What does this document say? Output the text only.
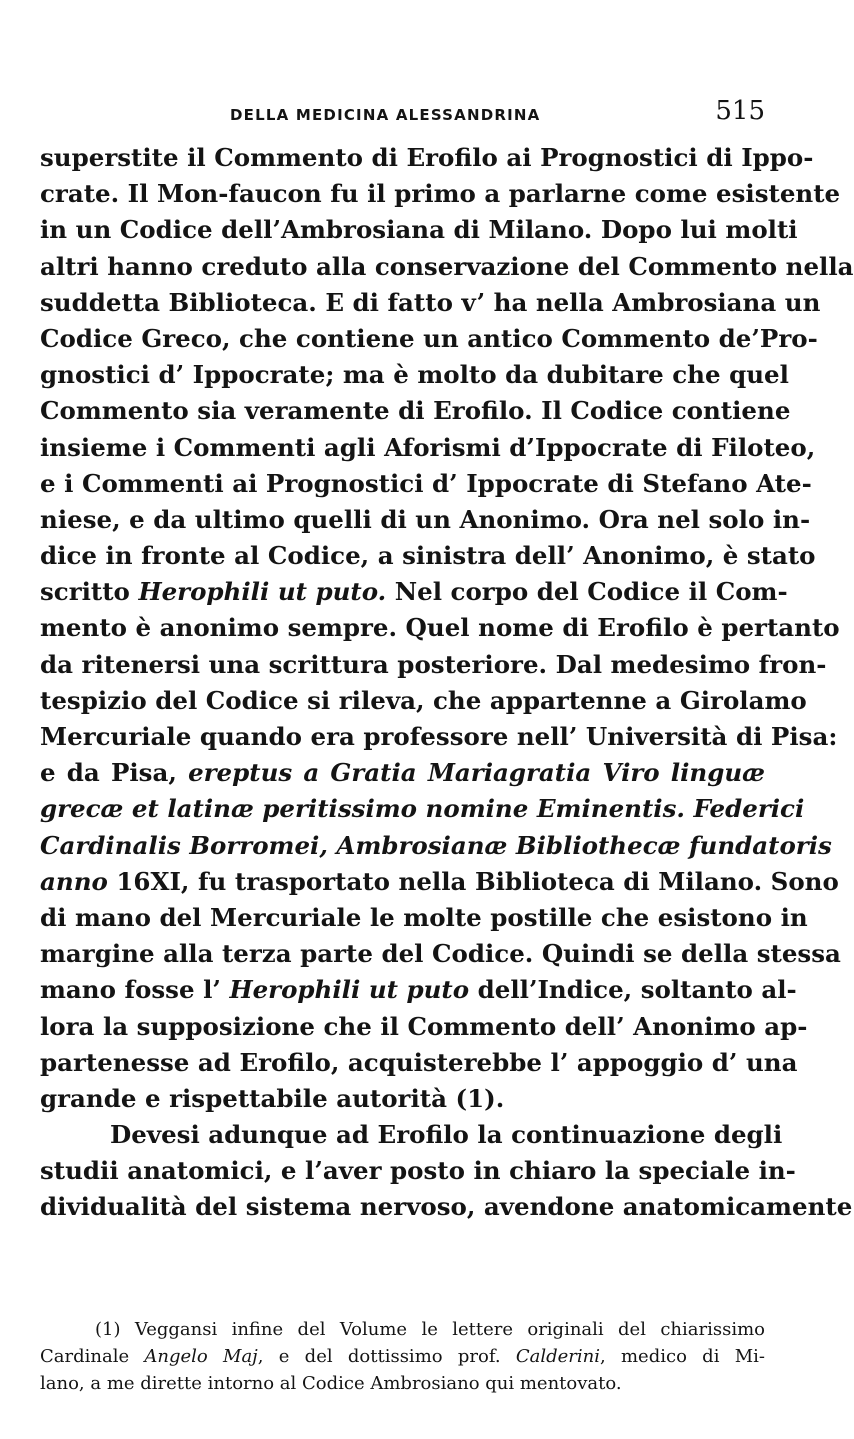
DELLA MEDICINA ALESSANDRINA	515
superstite il Commento di Erofilo ai Prognostici di Ippo-
crate. Il Mon-faucon fu il primo a parlarne come esistente
in un Codice dell’Ambrosiana di Milano. Dopo lui molti
altri hanno creduto alla conservazione del Commento nella
suddetta Biblioteca. E di fatto v’ ha nella Ambrosiana un
Codice Greco, che contiene un antico Commento de’Pro-
gnostici d’ Ippocrate; ma è molto da dubitare che quel
Commento sia veramente di Erofilo. Il Codice contiene
insieme i Commenti agli Aforismi d’Ippocrate di Filoteo,
e i Commenti ai Prognostici d’ Ippocrate di Stefano Ate-
niese, e da ultimo quelli di un Anonimo. Ora nel solo in-
dice in fronte al Codice, a sinistra dell’ Anonimo, è stato
scritto Herophili ut puto. Nel corpo del Codice il Com-
mento è anonimo sempre. Quel nome di Erofilo è pertanto
da ritenersi una scrittura posteriore. Dal medesimo fron-
tespizio del Codice si rileva, che appartenne a Girolamo
Mercuriale quando era professore nell’ Università di Pisa:
e da Pisa, ereptus a Gratia Mariagratia Viro linguæ
grecæ et latinæ peritissimo nomine Eminentis. Federici
Cardinalis Borromei, Ambrosianæ Bibliothecæ fundatoris
anno 16XI, fu trasportato nella Biblioteca di Milano. Sono
di mano del Mercuriale le molte postille che esistono in
margine alla terza parte del Codice. Quindi se della stessa
mano fosse l’ Herophili ut puto dell’Indice, soltanto al-
lora la supposizione che il Commento dell’ Anonimo ap-
partenesse ad Erofilo, acquisterebbe l’ appoggio d’ una
grande e rispettabile autorità (1).
Devesi adunque ad Erofilo la continuazione degli
studii anatomici, e l’aver posto in chiaro la speciale in-
dividualità del sistema nervoso, avendone anatomicamente
(1) Veggansi infine del Volume le lettere originali del chiarissimo
Cardinale Angelo Maj, e del dottissimo prof. Calderini, medico di Mi-
lano, a me dirette intorno al Codice Ambrosiano qui mentovato.
